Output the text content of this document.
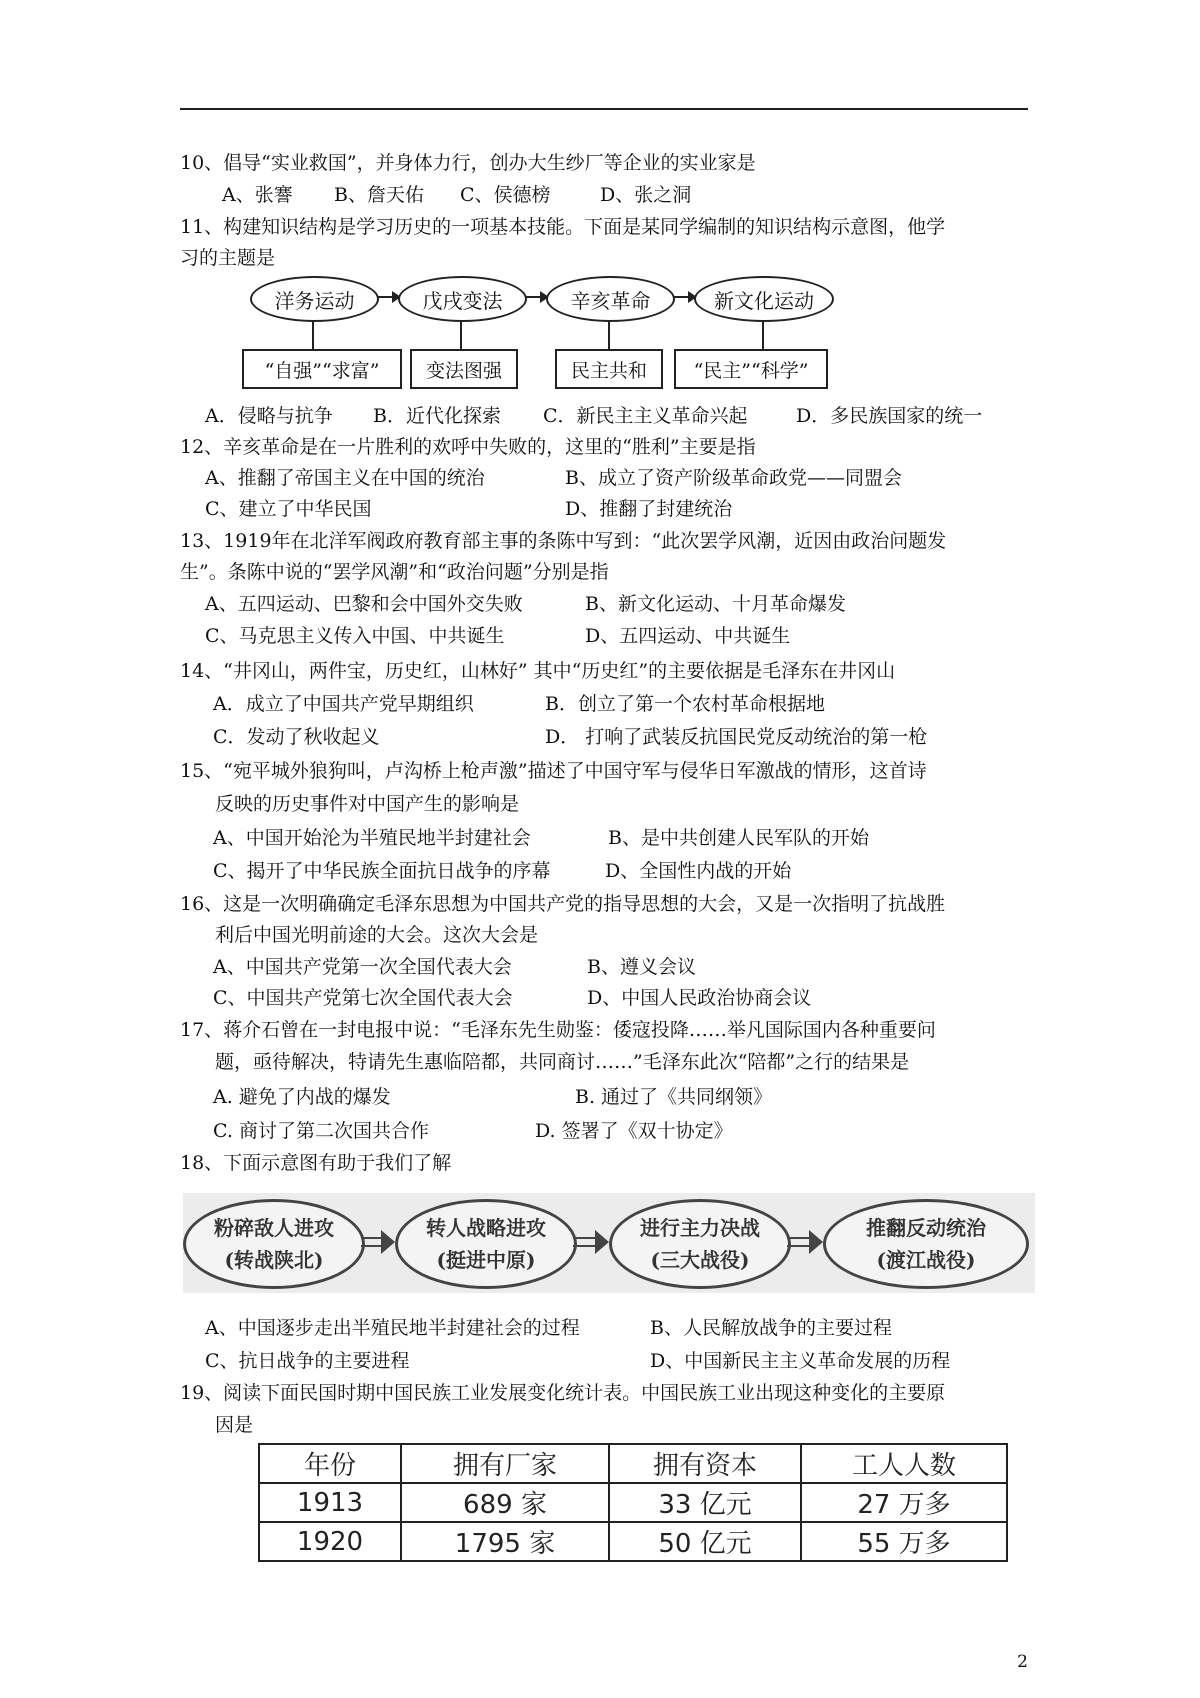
10、倡导“实业救国”，并身体力行，创办大生纱厂等企业的实业家是
A、张謇 B、詹天佑 C、侯德榜	D、张之洞
11、构建知识结构是学习历史的一项基本技能。下面是某同学编制的知识结构示意图，他学
习的主题是
洋务运动	戊戌变法	辛亥革命	新文化运动
“自强”“求富”	变法图强	民主共和	“民主”“科学”
A．侵略与抗争 B．近代化探索 C．新民主主义革命兴起	D．多民族国家的统一
12、辛亥革命是在一片胜利的欢呼中失败的，这里的“胜利”主要是指
A、推翻了帝国主义在中国的统治	B、成立了资产阶级革命政党——同盟会
C、建立了中华民国	D、推翻了封建统治
13、1919年在北洋军阀政府教育部主事的条陈中写到：“此次罢学风潮，近因由政治问题发
生”。条陈中说的“罢学风潮”和“政治问题”分别是指
A、五四运动、巴黎和会中国外交失败	B、新文化运动、十月革命爆发
C、马克思主义传入中国、中共诞生	D、五四运动、中共诞生
14、“井冈山，两件宝，历史红，山林好” 其中“历史红”的主要依据是毛泽东在井冈山
A．成立了中国共产党早期组织	B．创立了第一个农村革命根据地
C．发动了秋收起义	D． 打响了武装反抗国民党反动统治的第一枪
15、“宛平城外狼狗叫，卢沟桥上枪声激”描述了中国守军与侵华日军激战的情形，这首诗
反映的历史事件对中国产生的影响是
A、中国开始沦为半殖民地半封建社会	B、是中共创建人民军队的开始
C、揭开了中华民族全面抗日战争的序幕	D、全国性内战的开始
16、这是一次明确确定毛泽东思想为中国共产党的指导思想的大会，又是一次指明了抗战胜
利后中国光明前途的大会。这次大会是
A、中国共产党第一次全国代表大会	B、遵义会议
C、中国共产党第七次全国代表大会	D、中国人民政治协商会议
17、蒋介石曾在一封电报中说：“毛泽东先生勋鉴：倭寇投降……举凡国际国内各种重要问
题，亟待解决，特请先生惠临陪都，共同商讨……”毛泽东此次“陪都”之行的结果是
A. 避免了内战的爆发	B. 通过了《共同纲领》
C. 商讨了第二次国共合作	D. 签署了《双十协定》
18、下面示意图有助于我们了解
粉碎敌人进攻
(转战陕北)
转人战略进攻
(挺进中原)
进行主力决战
(三大战役)
推翻反动统治
(渡江战役)
A、中国逐步走出半殖民地半封建社会的过程	B、人民解放战争的主要过程
C、抗日战争的主要进程	D、中国新民主主义革命发展的历程
19、阅读下面民国时期中国民族工业发展变化统计表。中国民族工业出现这种变化的主要原
因是
年份	拥有厂家	拥有资本	工人人数
1913	689 家	33 亿元	27 万多
1920	1795 家	50 亿元	55 万多
2
